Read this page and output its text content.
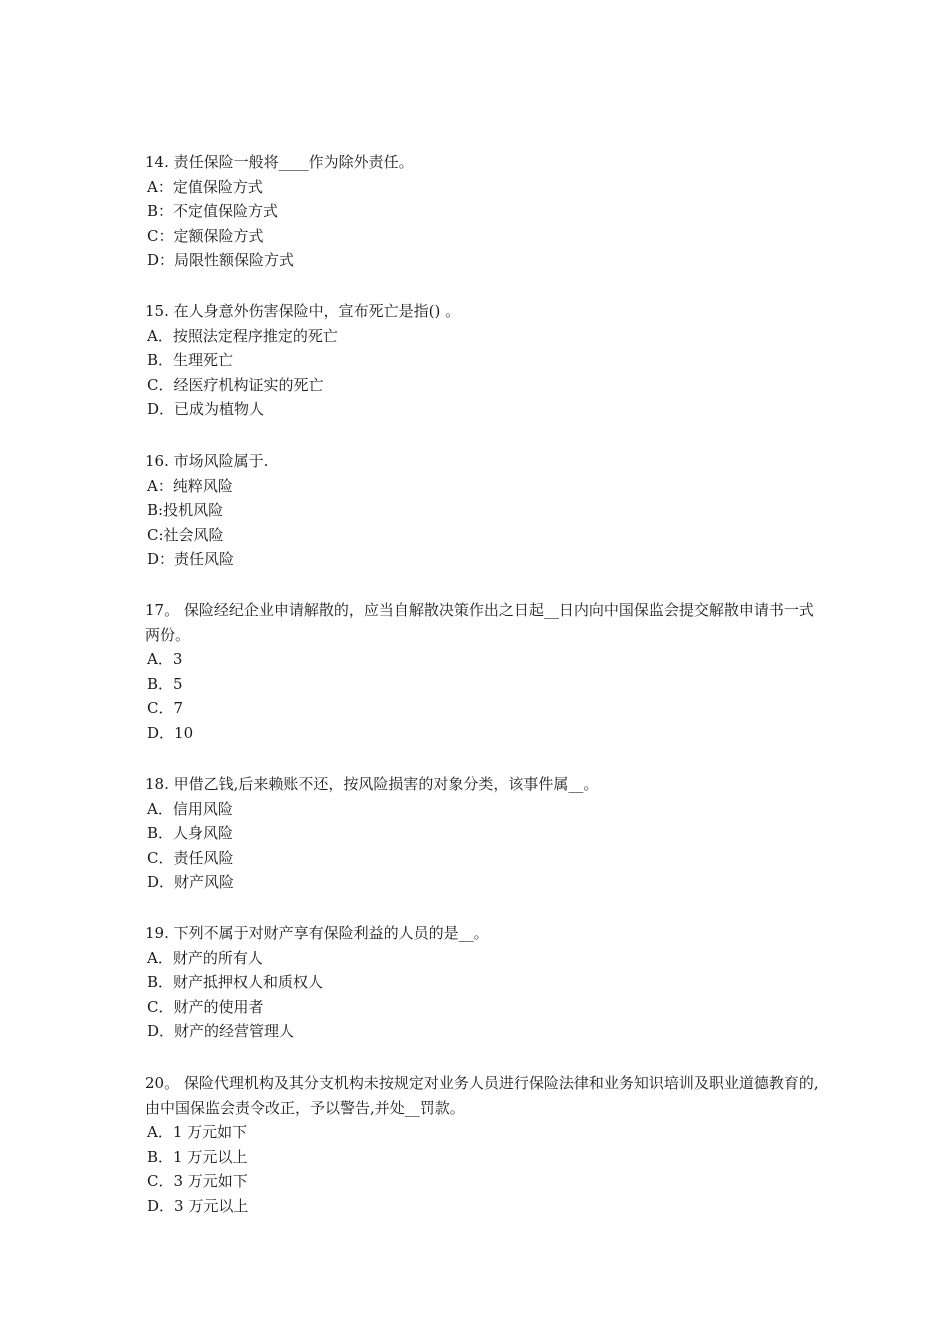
14. 责任保险一般将____作为除外责任。
A：定值保险方式
B：不定值保险方式
C：定额保险方式
D：局限性额保险方式
15. 在人身意外伤害保险中，宣布死亡是指() 。
A．按照法定程序推定的死亡
B．生理死亡
C．经医疗机构证实的死亡
D．已成为植物人
16. 市场风险属于.
A：纯粹风险
B:投机风险
C:社会风险
D：责任风险
17。 保险经纪企业申请解散的，应当自解散决策作出之日起__日内向中国保监会提交解散申请书一式两份。
A．3
B．5
C．7
D．10
18. 甲借乙钱,后来赖账不还，按风险损害的对象分类，该事件属__。
A．信用风险
B．人身风险
C．责任风险
D．财产风险
19. 下列不属于对财产享有保险利益的人员的是__。
A．财产的所有人
B．财产抵押权人和质权人
C．财产的使用者
D．财产的经营管理人
20。 保险代理机构及其分支机构未按规定对业务人员进行保险法律和业务知识培训及职业道德教育的,由中国保监会责令改正，予以警告,并处__罚款。
A．1 万元如下
B．1 万元以上
C．3 万元如下
D．3 万元以上
